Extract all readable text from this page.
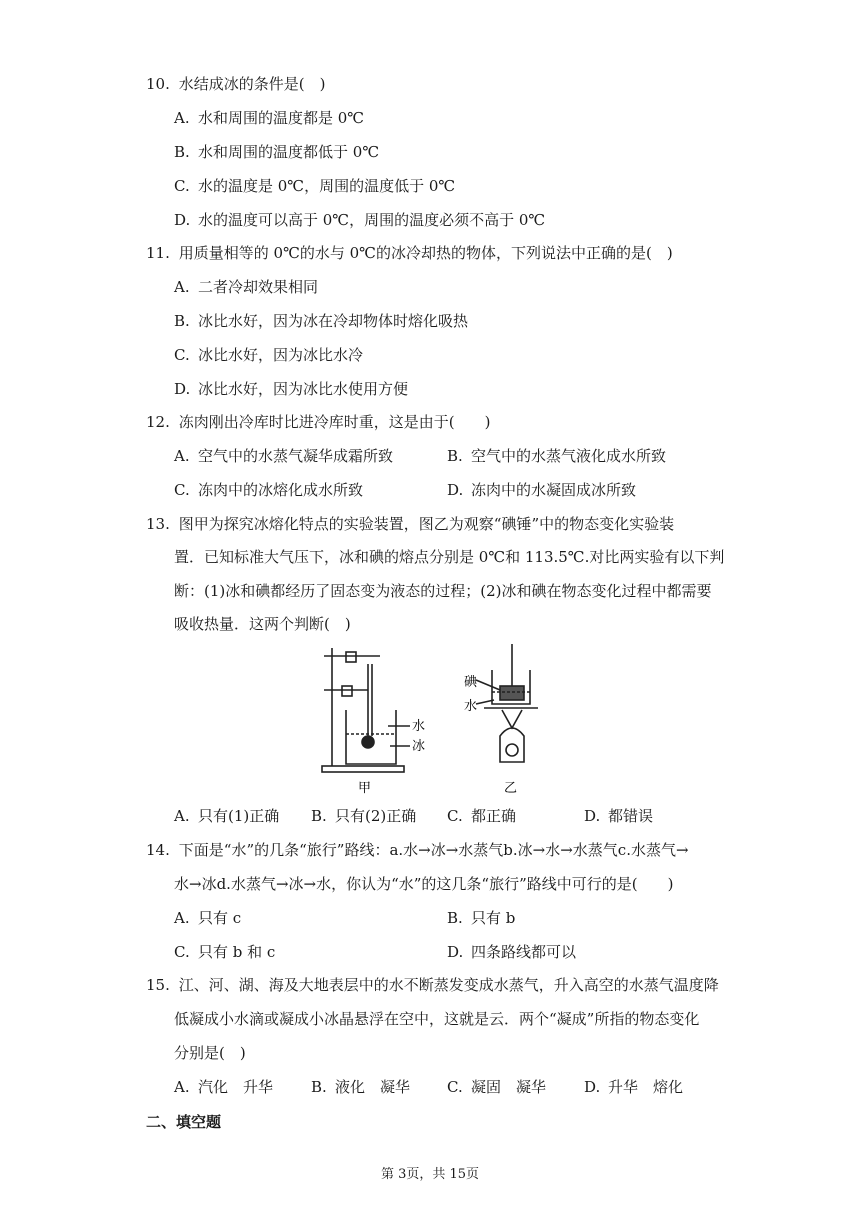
10. 水结成冰的条件是(　)
A. 水和周围的温度都是 0℃
B. 水和周围的温度都低于 0℃
C. 水的温度是 0℃，周围的温度低于 0℃
D. 水的温度可以高于 0℃，周围的温度必须不高于 0℃
11. 用质量相等的 0℃的水与 0℃的冰冷却热的物体，下列说法中正确的是(　)
A. 二者冷却效果相同
B. 冰比水好，因为冰在冷却物体时熔化吸热
C. 冰比水好，因为冰比水冷
D. 冰比水好，因为冰比水使用方便
12. 冻肉刚出冷库时比进冷库时重，这是由于(　　)
A. 空气中的水蒸气凝华成霜所致	B. 空气中的水蒸气液化成水所致
C. 冻肉中的冰熔化成水所致	D. 冻肉中的水凝固成冰所致
13. 图甲为探究冰熔化特点的实验装置，图乙为观察“碘锤”中的物态变化实验装
置．已知标准大气压下，冰和碘的熔点分别是 0℃和 113.5℃.对比两实验有以下判
断：(1)冰和碘都经历了固态变为液态的过程；(2)冰和碘在物态变化过程中都需要
吸收热量．这两个判断(　)
水
冰
甲
碘
水
乙
A. 只有(1)正确 B. 只有(2)正确 C. 都正确	D. 都错误
14. 下面是“水”的几条“旅行”路线：a.水→冰→水蒸气b.冰→水→水蒸气c.水蒸气→
水→冰d.水蒸气→冰→水，你认为“水”的这几条“旅行”路线中可行的是(　　)
A. 只有 c	B. 只有 b
C. 只有 b 和 c	D. 四条路线都可以
15. 江、河、湖、海及大地表层中的水不断蒸发变成水蒸气，升入高空的水蒸气温度降
低凝成小水滴或凝成小冰晶悬浮在空中，这就是云．两个“凝成”所指的物态变化
分别是(　)
A. 汽化　升华	B. 液化　凝华 C. 凝固　凝华	D. 升华　熔化
二、填空题
第 3页，共 15页
